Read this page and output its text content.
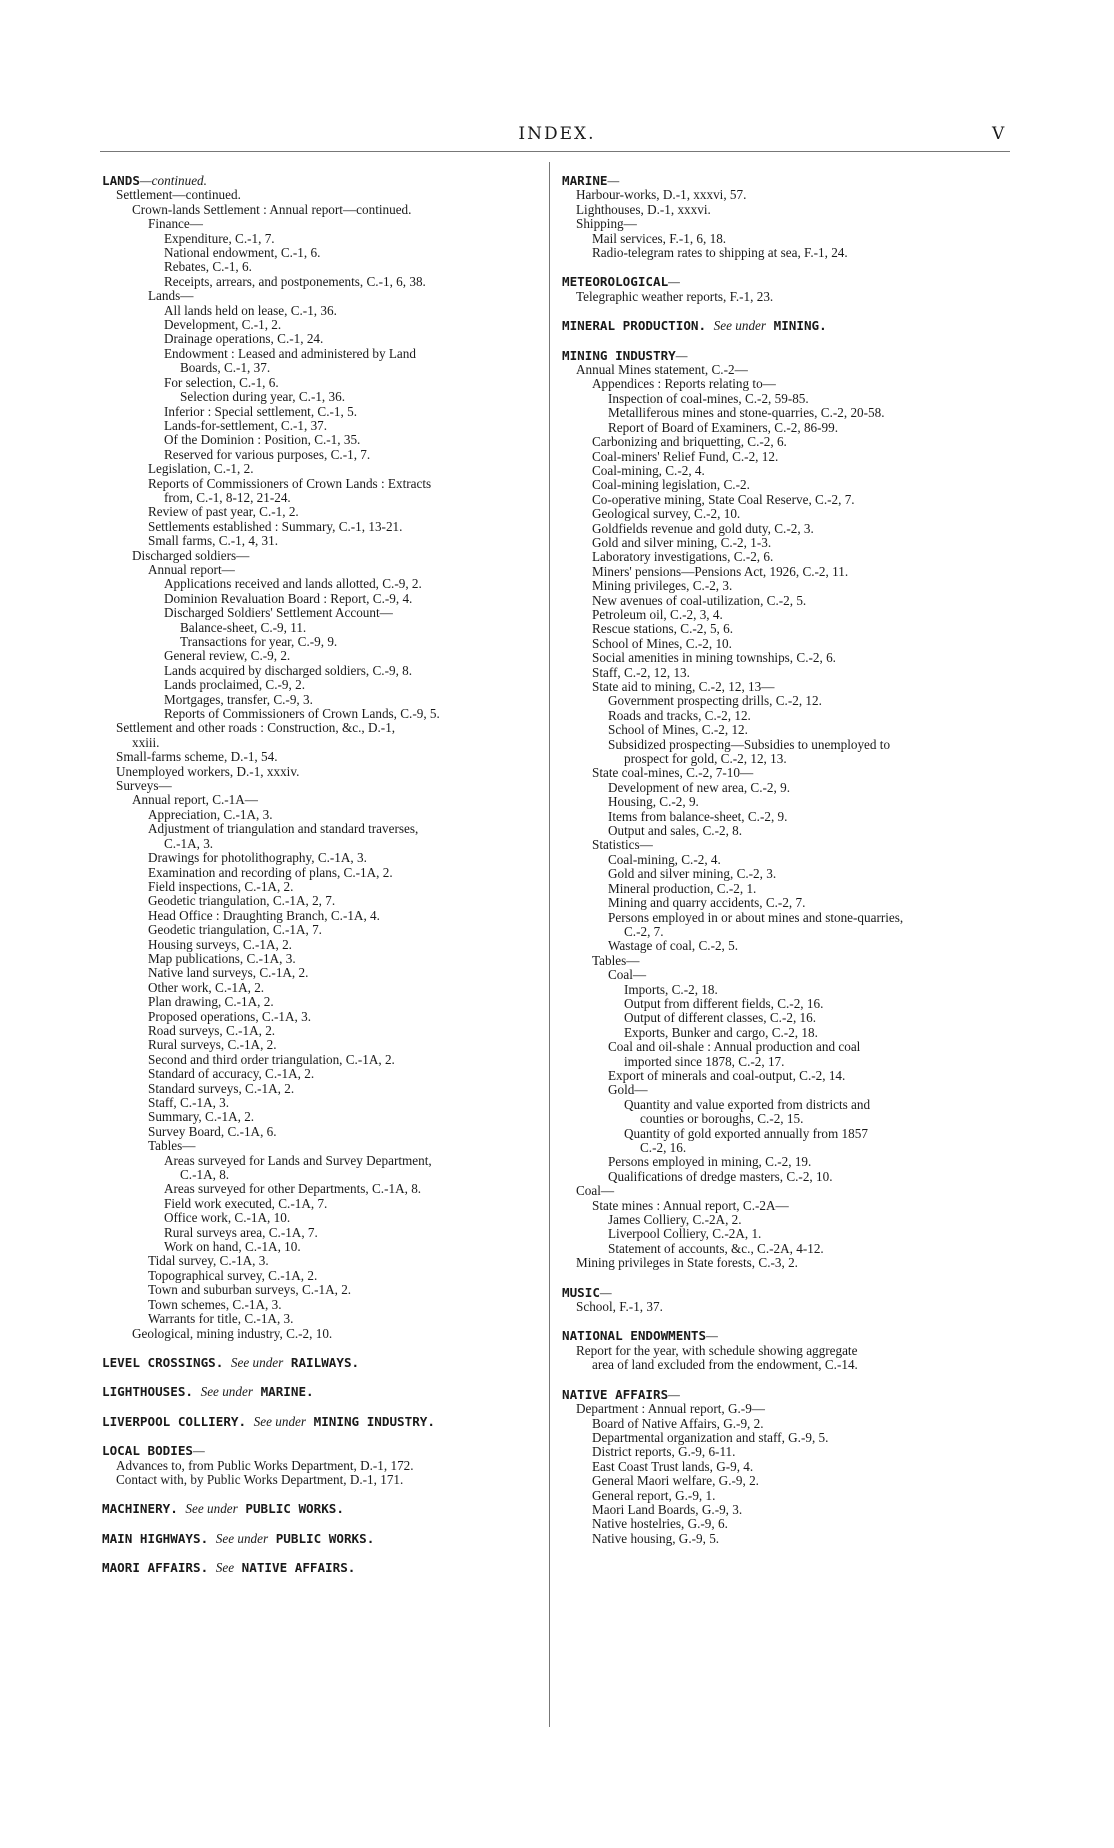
INDEX.	V
LANDS—continued.
Settlement—continued.
Crown-lands Settlement : Annual report—continued.
Finance—
Expenditure, C.-1, 7.
National endowment, C.-1, 6.
Rebates, C.-1, 6.
Receipts, arrears, and postponements, C.-1, 6, 38.
Lands—
All lands held on lease, C.-1, 36.
Development, C.-1, 2.
Drainage operations, C.-1, 24.
Endowment : Leased and administered by Land
Boards, C.-1, 37.
For selection, C.-1, 6.
Selection during year, C.-1, 36.
Inferior : Special settlement, C.-1, 5.
Lands-for-settlement, C.-1, 37.
Of the Dominion : Position, C.-1, 35.
Reserved for various purposes, C.-1, 7.
Legislation, C.-1, 2.
Reports of Commissioners of Crown Lands : Extracts
from, C.-1, 8-12, 21-24.
Review of past year, C.-1, 2.
Settlements established : Summary, C.-1, 13-21.
Small farms, C.-1, 4, 31.
Discharged soldiers—
Annual report—
Applications received and lands allotted, C.-9, 2.
Dominion Revaluation Board : Report, C.-9, 4.
Discharged Soldiers' Settlement Account—
Balance-sheet, C.-9, 11.
Transactions for year, C.-9, 9.
General review, C.-9, 2.
Lands acquired by discharged soldiers, C.-9, 8.
Lands proclaimed, C.-9, 2.
Mortgages, transfer, C.-9, 3.
Reports of Commissioners of Crown Lands, C.-9, 5.
Settlement and other roads : Construction, &c., D.-1,
xxiii.
Small-farms scheme, D.-1, 54.
Unemployed workers, D.-1, xxxiv.
Surveys—
Annual report, C.-1A—
Appreciation, C.-1A, 3.
Adjustment of triangulation and standard traverses,
C.-1A, 3.
Drawings for photolithography, C.-1A, 3.
Examination and recording of plans, C.-1A, 2.
Field inspections, C.-1A, 2.
Geodetic triangulation, C.-1A, 2, 7.
Head Office : Draughting Branch, C.-1A, 4.
Geodetic triangulation, C.-1A, 7.
Housing surveys, C.-1A, 2.
Map publications, C.-1A, 3.
Native land surveys, C.-1A, 2.
Other work, C.-1A, 2.
Plan drawing, C.-1A, 2.
Proposed operations, C.-1A, 3.
Road surveys, C.-1A, 2.
Rural surveys, C.-1A, 2.
Second and third order triangulation, C.-1A, 2.
Standard of accuracy, C.-1A, 2.
Standard surveys, C.-1A, 2.
Staff, C.-1A, 3.
Summary, C.-1A, 2.
Survey Board, C.-1A, 6.
Tables—
Areas surveyed for Lands and Survey Department,
C.-1A, 8.
Areas surveyed for other Departments, C.-1A, 8.
Field work executed, C.-1A, 7.
Office work, C.-1A, 10.
Rural surveys area, C.-1A, 7.
Work on hand, C.-1A, 10.
Tidal survey, C.-1A, 3.
Topographical survey, C.-1A, 2.
Town and suburban surveys, C.-1A, 2.
Town schemes, C.-1A, 3.
Warrants for title, C.-1A, 3.
Geological, mining industry, C.-2, 10.
LEVEL CROSSINGS. See under RAILWAYS.
LIGHTHOUSES. See under MARINE.
LIVERPOOL COLLIERY. See under MINING INDUSTRY.
LOCAL BODIES—
Advances to, from Public Works Department, D.-1, 172.
Contact with, by Public Works Department, D.-1, 171.
MACHINERY. See under PUBLIC WORKS.
MAIN HIGHWAYS. See under PUBLIC WORKS.
MAORI AFFAIRS. See NATIVE AFFAIRS.
MARINE—
Harbour-works, D.-1, xxxvi, 57.
Lighthouses, D.-1, xxxvi.
Shipping—
Mail services, F.-1, 6, 18.
Radio-telegram rates to shipping at sea, F.-1, 24.
METEOROLOGICAL—
Telegraphic weather reports, F.-1, 23.
MINERAL PRODUCTION. See under MINING.
MINING INDUSTRY—
Annual Mines statement, C.-2—
Appendices : Reports relating to—
Inspection of coal-mines, C.-2, 59-85.
Metalliferous mines and stone-quarries, C.-2, 20-58.
Report of Board of Examiners, C.-2, 86-99.
Carbonizing and briquetting, C.-2, 6.
Coal-miners' Relief Fund, C.-2, 12.
Coal-mining, C.-2, 4.
Coal-mining legislation, C.-2.
Co-operative mining, State Coal Reserve, C.-2, 7.
Geological survey, C.-2, 10.
Goldfields revenue and gold duty, C.-2, 3.
Gold and silver mining, C.-2, 1-3.
Laboratory investigations, C.-2, 6.
Miners' pensions—Pensions Act, 1926, C.-2, 11.
Mining privileges, C.-2, 3.
New avenues of coal-utilization, C.-2, 5.
Petroleum oil, C.-2, 3, 4.
Rescue stations, C.-2, 5, 6.
School of Mines, C.-2, 10.
Social amenities in mining townships, C.-2, 6.
Staff, C.-2, 12, 13.
State aid to mining, C.-2, 12, 13—
Government prospecting drills, C.-2, 12.
Roads and tracks, C.-2, 12.
School of Mines, C.-2, 12.
Subsidized prospecting—Subsidies to unemployed to
prospect for gold, C.-2, 12, 13.
State coal-mines, C.-2, 7-10—
Development of new area, C.-2, 9.
Housing, C.-2, 9.
Items from balance-sheet, C.-2, 9.
Output and sales, C.-2, 8.
Statistics—
Coal-mining, C.-2, 4.
Gold and silver mining, C.-2, 3.
Mineral production, C.-2, 1.
Mining and quarry accidents, C.-2, 7.
Persons employed in or about mines and stone-quarries,
C.-2, 7.
Wastage of coal, C.-2, 5.
Tables—
Coal—
Imports, C.-2, 18.
Output from different fields, C.-2, 16.
Output of different classes, C.-2, 16.
Exports, Bunker and cargo, C.-2, 18.
Coal and oil-shale : Annual production and coal
imported since 1878, C.-2, 17.
Export of minerals and coal-output, C.-2, 14.
Gold—
Quantity and value exported from districts and
counties or boroughs, C.-2, 15.
Quantity of gold exported annually from 1857
C.-2, 16.
Persons employed in mining, C.-2, 19.
Qualifications of dredge masters, C.-2, 10.
Coal—
State mines : Annual report, C.-2A—
James Colliery, C.-2A, 2.
Liverpool Colliery, C.-2A, 1.
Statement of accounts, &c., C.-2A, 4-12.
Mining privileges in State forests, C.-3, 2.
MUSIC—
School, F.-1, 37.
NATIONAL ENDOWMENTS—
Report for the year, with schedule showing aggregate
area of land excluded from the endowment, C.-14.
NATIVE AFFAIRS—
Department : Annual report, G.-9—
Board of Native Affairs, G.-9, 2.
Departmental organization and staff, G.-9, 5.
District reports, G.-9, 6-11.
East Coast Trust lands, G-9, 4.
General Maori welfare, G.-9, 2.
General report, G.-9, 1.
Maori Land Boards, G.-9, 3.
Native hostelries, G.-9, 6.
Native housing, G.-9, 5.
